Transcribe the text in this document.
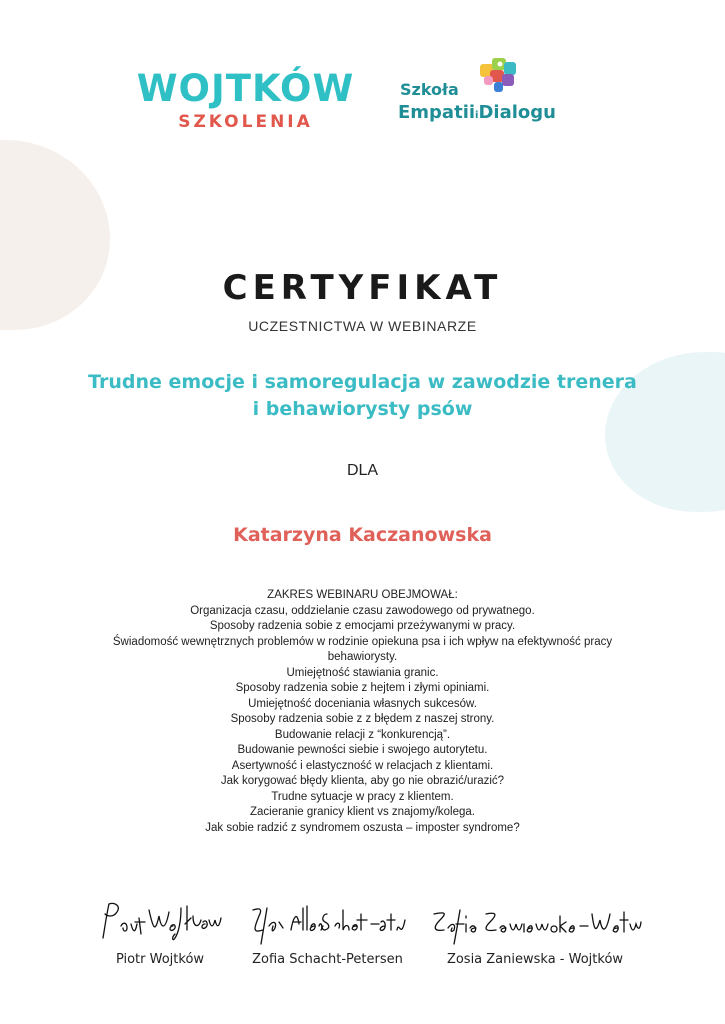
WOJTKÓW
SZKOLENIA
Szkoła
EmpatiiiDialogu
CERTYFIKAT
UCZESTNICTWA W WEBINARZE
Trudne emocje i samoregulacja w zawodzie trenera
i behawiorysty psów
DLA
Katarzyna Kaczanowska
ZAKRES WEBINARU OBEJMOWAŁ:
Organizacja czasu, oddzielanie czasu zawodowego od prywatnego.
Sposoby radzenia sobie z emocjami przeżywanymi w pracy.
Świadomość wewnętrznych problemów w rodzinie opiekuna psa i ich wpływ na efektywność pracy
behawiorysty.
Umiejętność stawiania granic.
Sposoby radzenia sobie z hejtem i złymi opiniami.
Umiejętność doceniania własnych sukcesów.
Sposoby radzenia sobie z z błędem z naszej strony.
Budowanie relacji z “konkurencją”.
Budowanie pewności siebie i swojego autorytetu.
Asertywność i elastyczność w relacjach z klientami.
Jak korygować błędy klienta, aby go nie obrazić/urazić?
Trudne sytuacje w pracy z klientem.
Zacieranie granicy klient vs znajomy/kolega.
Jak sobie radzić z syndromem oszusta – imposter syndrome?
Piotr Wojtków	Zofia Schacht-Petersen	Zosia Zaniewska - Wojtków
